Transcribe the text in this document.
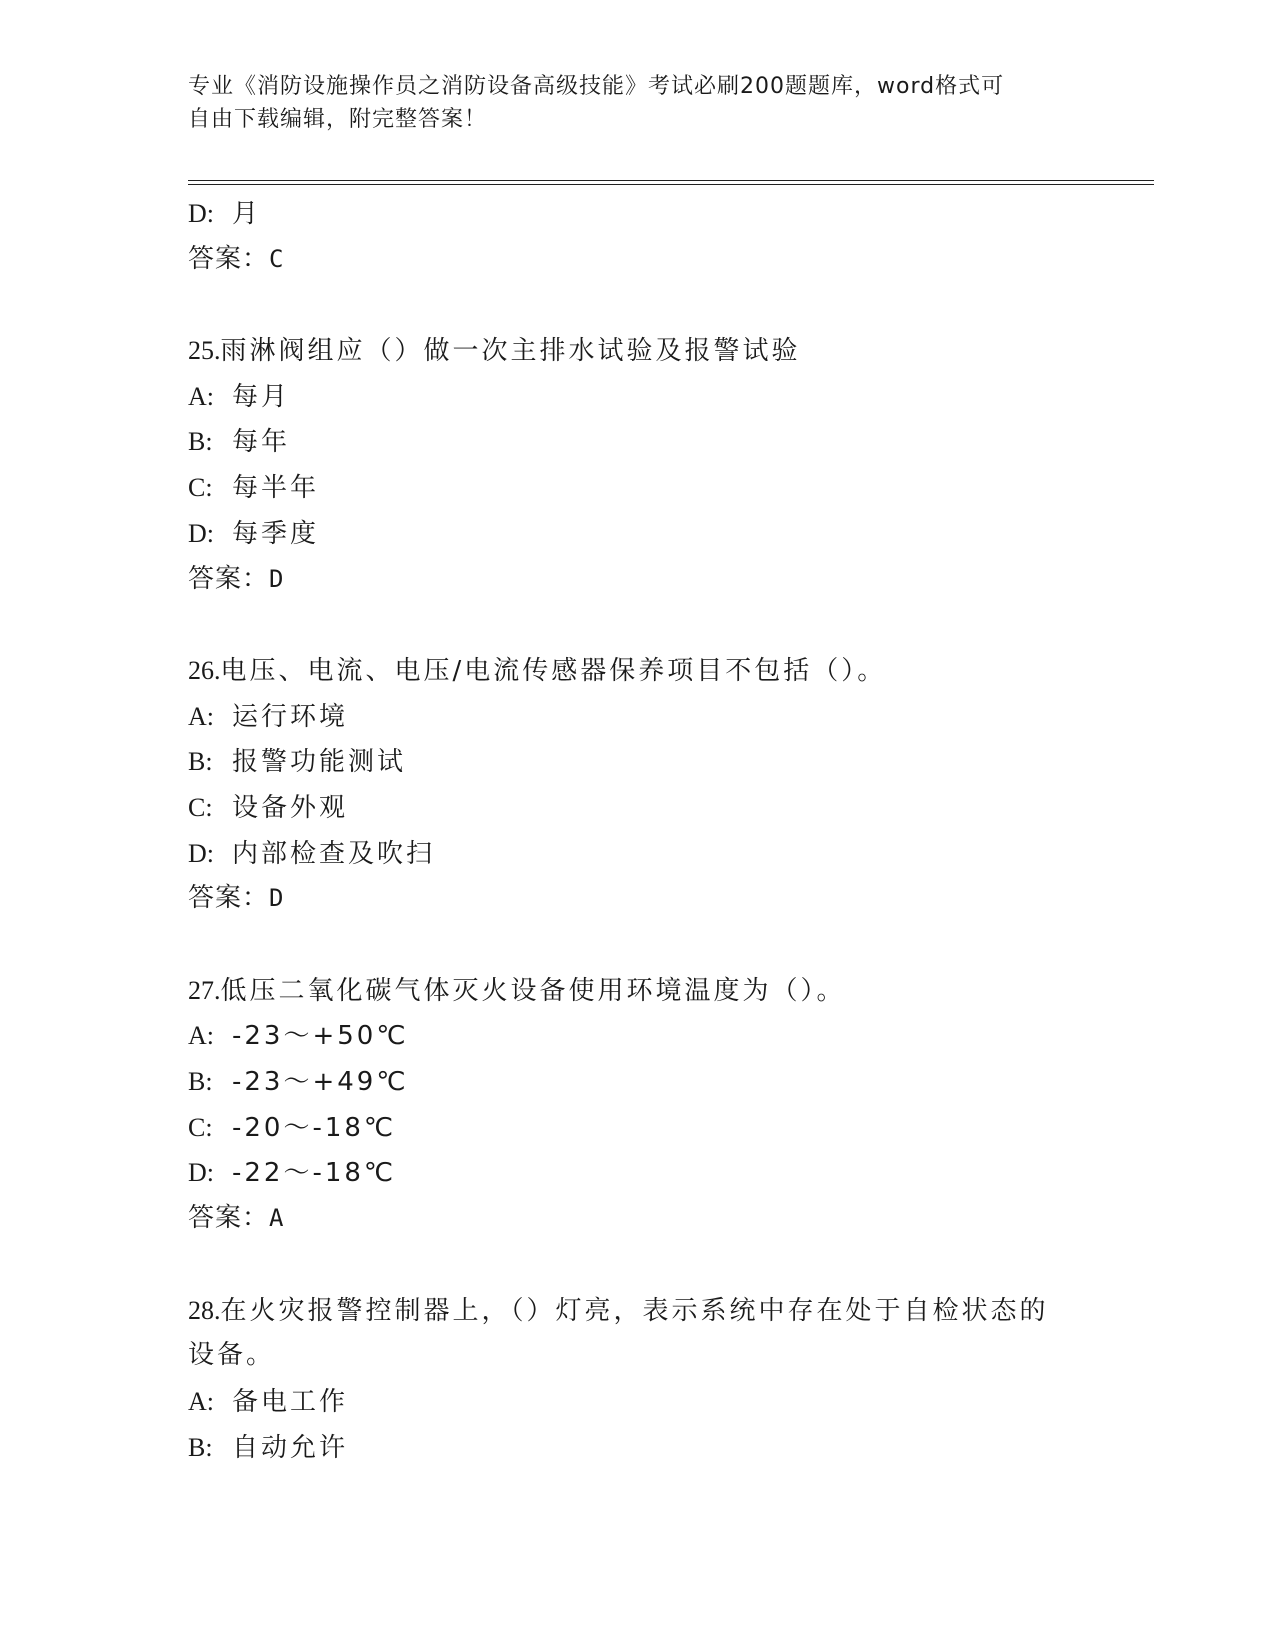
专业《消防设施操作员之消防设备高级技能》考试必刷200题题库，word格式可
自由下载编辑，附完整答案！
D: 月
答案：C
25.雨淋阀组应（）做一次主排水试验及报警试验
A: 每月
B: 每年
C: 每半年
D: 每季度
答案：D
26.电压、电流、电压/电流传感器保养项目不包括（）。
A: 运行环境
B: 报警功能测试
C: 设备外观
D: 内部检查及吹扫
答案：D
27.低压二氧化碳气体灭火设备使用环境温度为（）。
A: -23～+50℃
B: -23～+49℃
C: -20～-18℃
D: -22～-18℃
答案：A
28.在火灾报警控制器上，（）灯亮，表示系统中存在处于自检状态的
设备。
A: 备电工作
B: 自动允许
